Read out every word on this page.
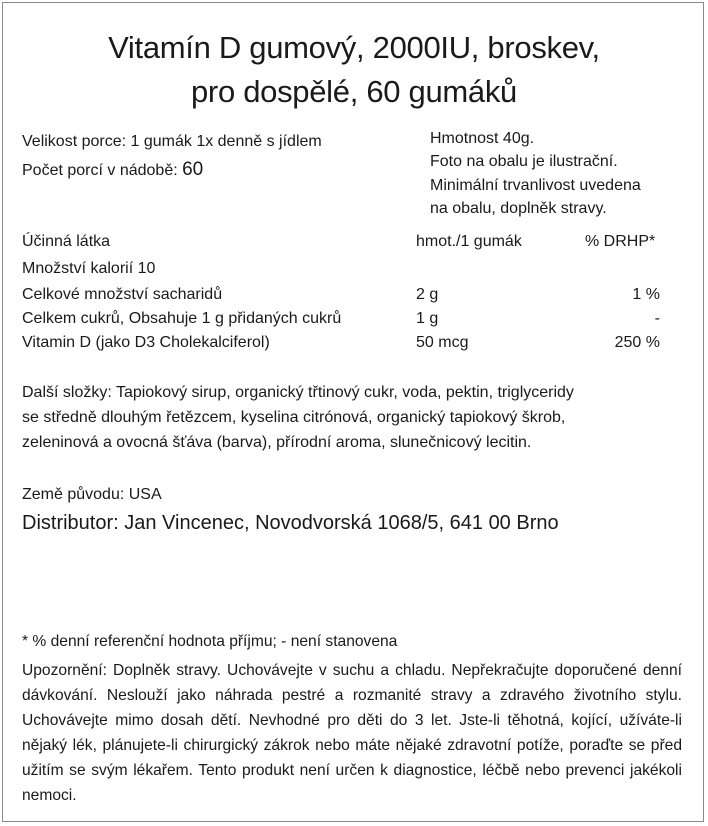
Vitamín D gumový, 2000IU, broskev,
pro dospělé, 60 gumáků
Velikost porce: 1 gumák 1x denně s jídlem
Počet porcí v nádobě: 60
Hmotnost 40g.
Foto na obalu je ilustrační.
Minimální trvanlivost uvedena
na obalu, doplněk stravy.
Účinná látka	hmot./1 gumák	% DRHP*
Množství kalorií 10
Celkové množství sacharidů	2 g	1 %
Celkem cukrů, Obsahuje 1 g přidaných cukrů	1 g	-
Vitamin D (jako D3 Cholekalciferol)	50 mcg	250 %
Další složky: Tapiokový sirup, organický třtinový cukr, voda, pektin, triglyceridy
se středně dlouhým řetězcem, kyselina citrónová, organický tapiokový škrob,
zeleninová a ovocná šťáva (barva), přírodní aroma, slunečnicový lecitin.
Země původu: USA
Distributor: Jan Vincenec, Novodvorská 1068/5, 641 00 Brno
* % denní referenční hodnota příjmu; - není stanovena
Upozornění: Doplněk stravy. Uchovávejte v suchu a chladu. Nepřekračujte doporučené denní dávkování. Neslouží jako náhrada pestré a rozmanité stravy a zdravého životního stylu. Uchovávejte mimo dosah dětí. Nevhodné pro děti do 3 let. Jste-li těhotná, kojící, užíváte-li nějaký lék, plánujete-li chirurgický zákrok nebo máte nějaké zdravotní potíže, poraďte se před užitím se svým lékařem. Tento produkt není určen k diagnostice, léčbě nebo prevenci jakékoli nemoci.
